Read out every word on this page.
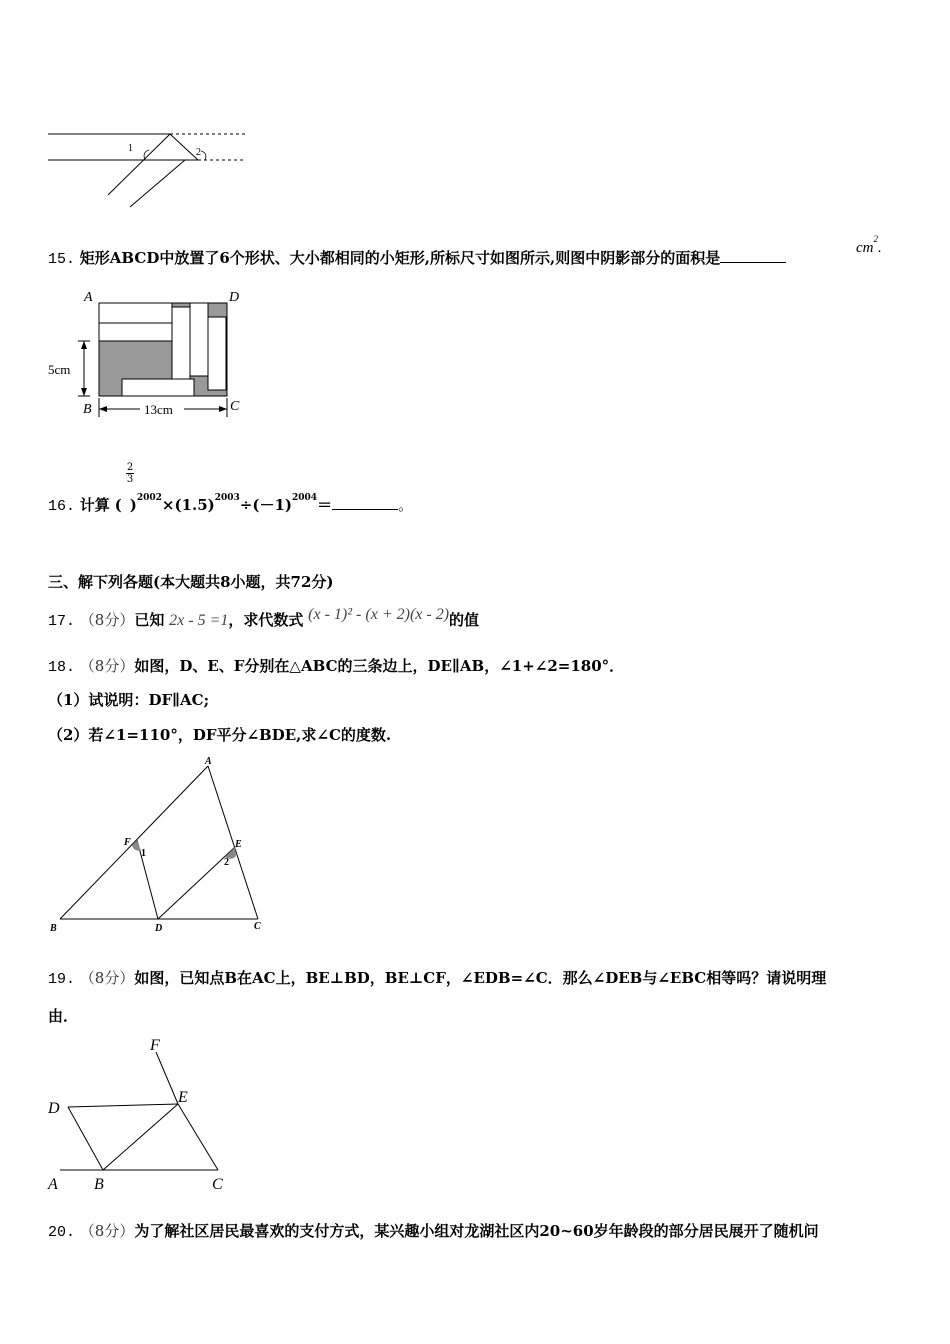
1	2
15. 矩形ABCD中放置了6个形状、大小都相同的小矩形,所标尺寸如图所示,则图中阴影部分的面积是
$cm^2$.
A	D
B	C
5cm
13cm
2
3
16. 计算 ( )$^{2002}\times(1.5)^{2003}\div(-1)^{2004}=$	。
三、解下列各题(本大题共8小题，共72分)
17. （8分）已知 2x - 5 =1，求代数式 (x - 1)² - (x + 2)(x - 2)的值
18. （8分）如图，D、E、F分别在△ABC的三条边上，DE∥AB，∠1+∠2=180°．
（1）试说明：DF∥AC;
（2）若∠1=110°，DF平分∠BDE,求∠C的度数.
A
B	C
D
E
F
1
2
19. （8分）如图，已知点B在AC上，BE⊥BD，BE⊥CF，∠EDB=∠C．那么∠DEB与∠EBC相等吗？请说明理
由．
F
E
D
A B	C
20. （8分）为了解社区居民最喜欢的支付方式，某兴趣小组对龙湖社区内20~60岁年龄段的部分居民展开了随机问
